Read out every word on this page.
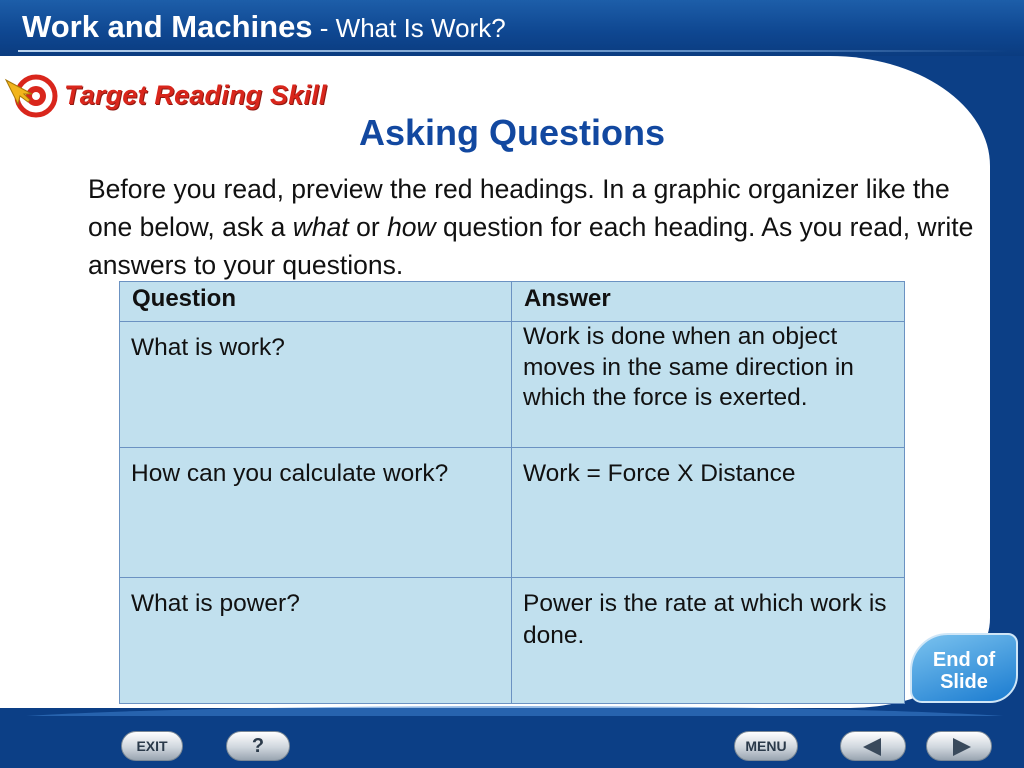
Work and Machines - What Is Work?
Target Reading Skill
Asking Questions
Before you read, preview the red headings. In a graphic organizer like the one below, ask a what or how question for each heading. As you read, write answers to your questions.
Question	Answer
What is work?	Work is done when an object moves in the same direction in which the force is exerted.
How can you calculate work?	Work = Force X Distance
What is power?	Power is the rate at which work is done.
End of Slide
EXIT	?	MENU
